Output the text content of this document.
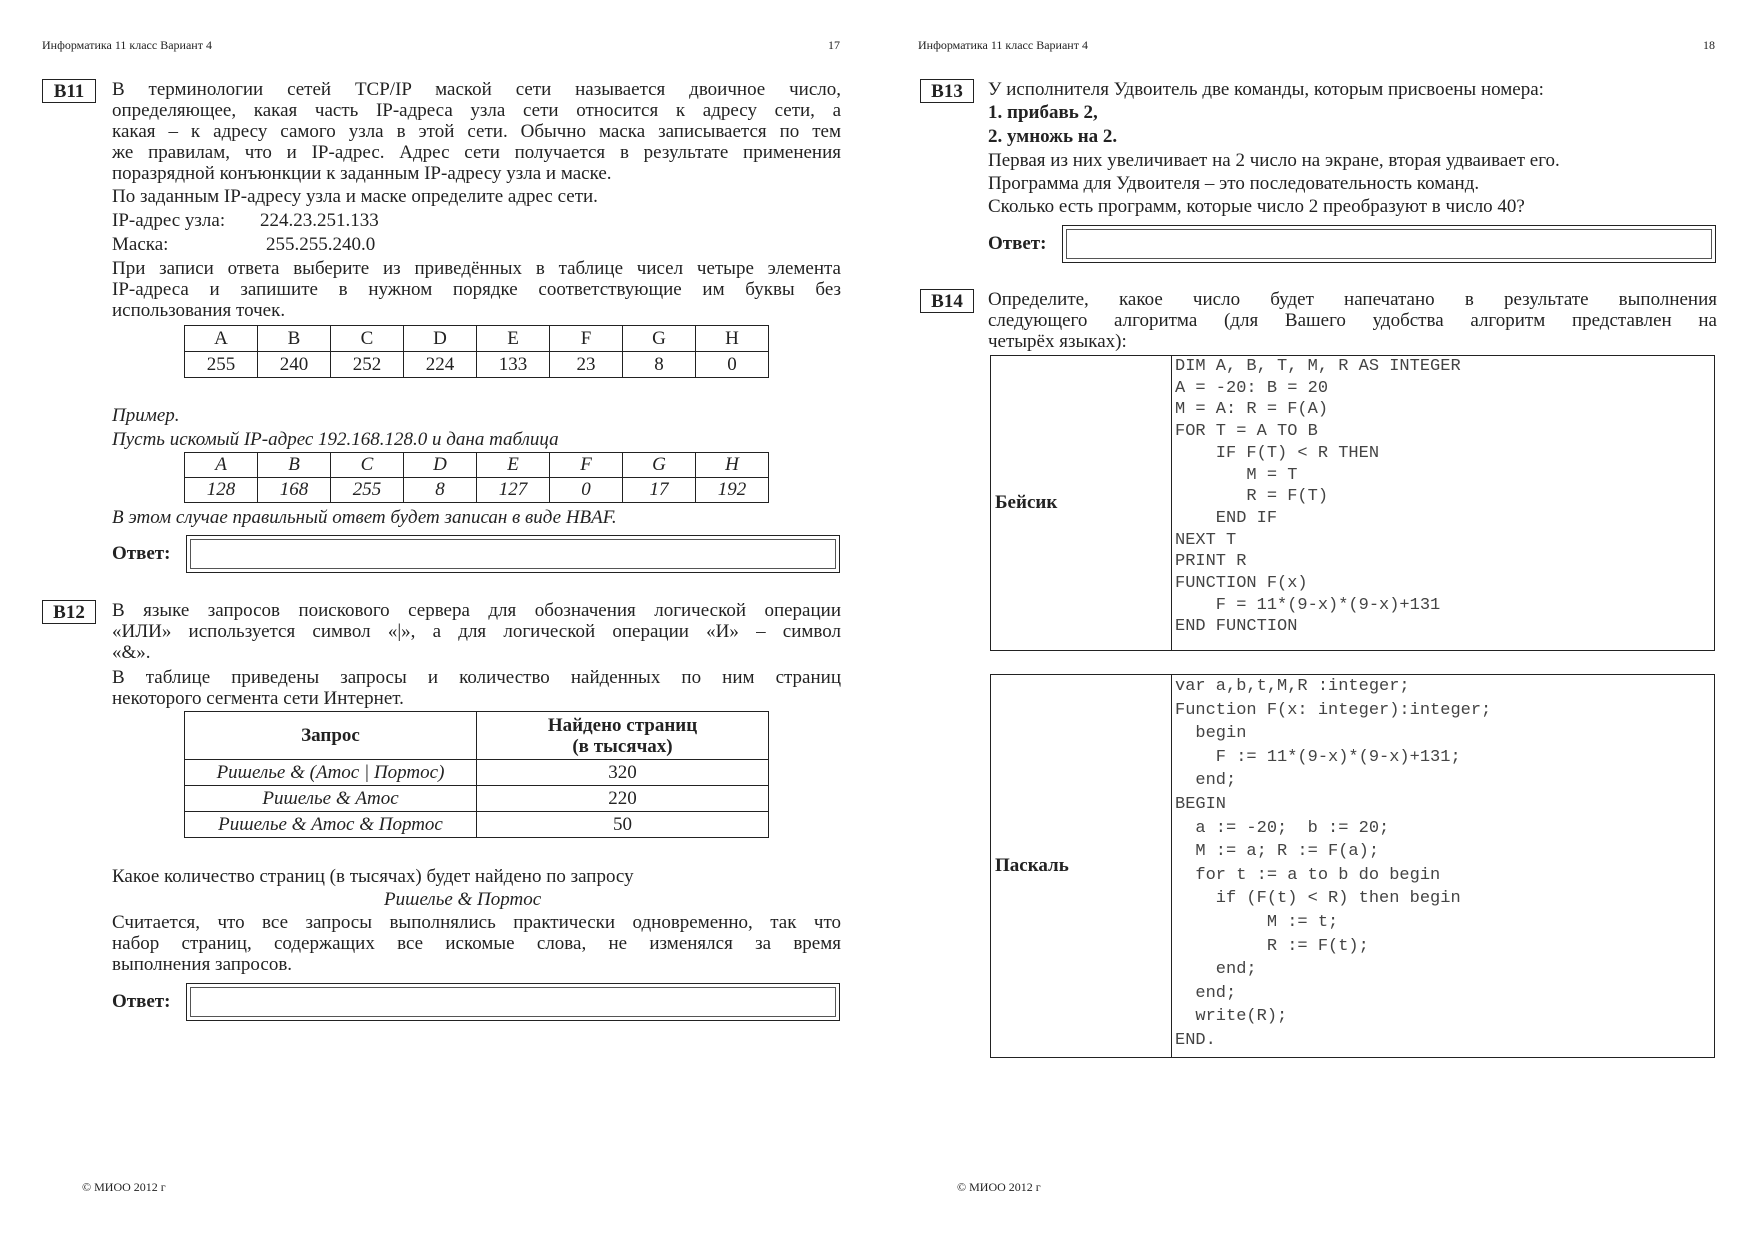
Информатика 11 класс Вариант 4	17
B11	В терминологии сетей TCP/IP маской сети называется двоичное число,
определяющее, какая часть IP-адреса узла сети относится к адресу сети, а
какая – к адресу самого узла в этой сети. Обычно маска записывается по тем
же правилам, что и IP-адрес. Адрес сети получается в результате применения
поразрядной конъюнкции к заданным IP-адресу узла и маске.
По заданным IP-адресу узла и маске определите адрес сети.
IP-адрес узла: 224.23.251.133
Маска:	255.255.240.0
При записи ответа выберите из приведённых в таблице чисел четыре элемента
IP-адреса и запишите в нужном порядке соответствующие им буквы без
использования точек.
A	B	C	D	E	F	G	H
255	240	252	224	133	23	8	0
Пример.
Пусть искомый IP-адрес 192.168.128.0 и дана таблица
A	B	C	D	E	F	G	H
128	168	255	8	127	0	17	192
В этом случае правильный ответ будет записан в виде HBAF.
Ответ:
B12	В языке запросов поискового сервера для обозначения логической операции
«ИЛИ» используется символ «|», а для логической операции «И» – символ
«&».
В таблице приведены запросы и количество найденных по ним страниц
некоторого сегмента сети Интернет.
Запрос	Найдено страниц
(в тысячах)

Ришелье & (Атос | Портос)	320
Ришелье & Атос	220
Ришелье & Атос & Портос	50
Какое количество страниц (в тысячах) будет найдено по запросу
Ришелье & Портос
Считается, что все запросы выполнялись практически одновременно, так что
набор страниц, содержащих все искомые слова, не изменялся за время
выполнения запросов.
Ответ:
© МИОО 2012 г
Информатика 11 класс Вариант 4	18
B13	У исполнителя Удвоитель две команды, которым присвоены номера:
1. прибавь 2,
2. умножь на 2.
Первая из них увеличивает на 2 число на экране, вторая удваивает его.
Программа для Удвоителя – это последовательность команд.
Сколько есть программ, которые число 2 преобразуют в число 40?
Ответ:
B14	Определите, какое число будет напечатано в результате выполнения
следующего алгоритма (для Вашего удобства алгоритм представлен на
четырёх языках):
Бейсик
DIM A, B, T, M, R AS INTEGER
A = -20: B = 20
M = A: R = F(A)
FOR T = A TO B
IF F(T) < R THEN
M = T
R = F(T)
END IF
NEXT T
PRINT R
FUNCTION F(x)
F = 11*(9-x)*(9-x)+131
END FUNCTION
Паскаль
var a,b,t,M,R :integer;
Function F(x: integer):integer;
begin
F := 11*(9-x)*(9-x)+131;
end;
BEGIN
a := -20;  b := 20;
M := a; R := F(a);
for t := a to b do begin
if (F(t) < R) then begin
M := t;
R := F(t);
end;
end;
write(R);
END.
© МИОО 2012 г
